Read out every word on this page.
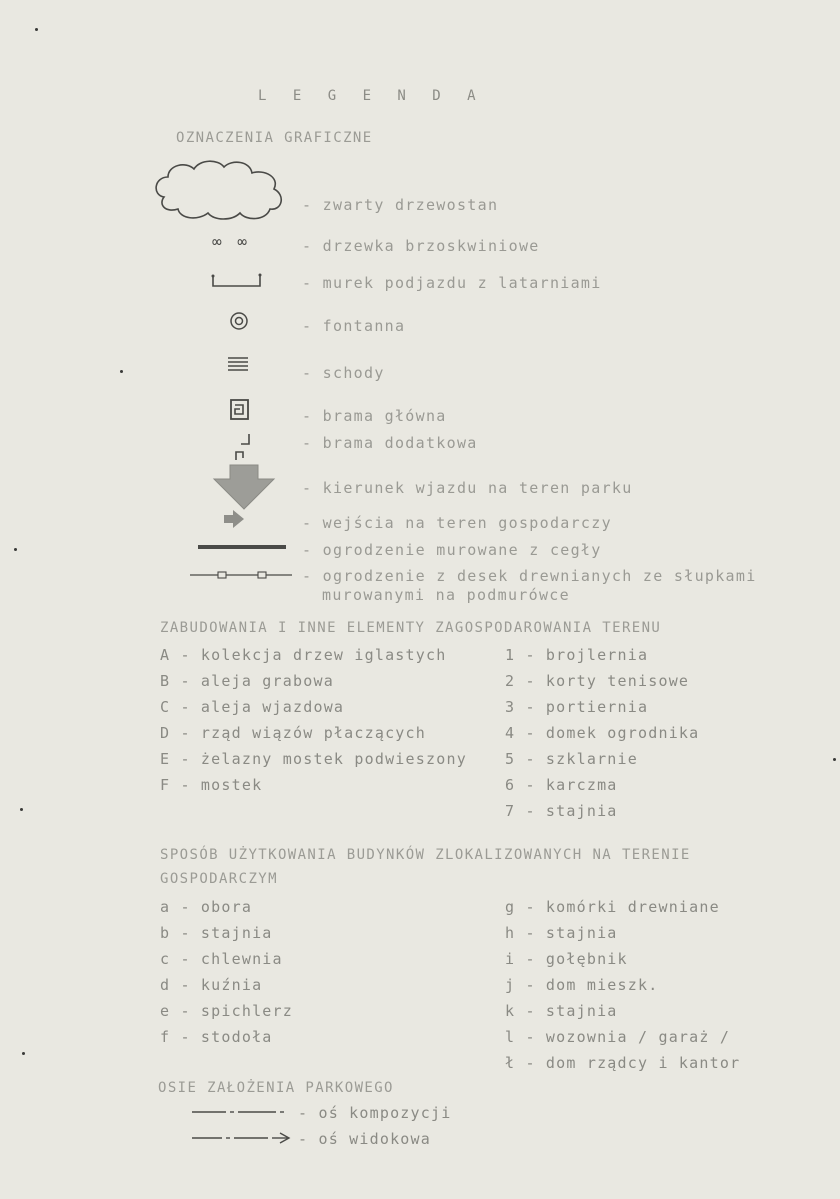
L E G E N D A
OZNACZENIA GRAFICZNE
- zwarty drzewostan
∞ ∞	- drzewka brzoskwiniowe
- murek podjazdu z latarniami
- fontanna
- schody
- brama główna
- brama dodatkowa
- kierunek wjazdu na teren parku
- wejścia na teren gospodarczy
- ogrodzenie murowane z cegły
- ogrodzenie z desek drewnianych ze słupkami
murowanymi na podmurówce
ZABUDOWANIA I INNE ELEMENTY ZAGOSPODAROWANIA TERENU
A - kolekcja drzew iglastych
B - aleja grabowa
C - aleja wjazdowa
D - rząd wiązów płaczących
E - żelazny mostek podwieszony
F - mostek
1 - brojlernia
2 - korty tenisowe
3 - portiernia
4 - domek ogrodnika
5 - szklarnie
6 - karczma
7 - stajnia
SPOSÓB UŻYTKOWANIA BUDYNKÓW ZLOKALIZOWANYCH NA TERENIE
GOSPODARCZYM
a - obora
b - stajnia
c - chlewnia
d - kuźnia
e - spichlerz
f - stodoła
g - komórki drewniane
h - stajnia
i - gołębnik
j - dom mieszk.
k - stajnia
l - wozownia / garaż /
ł - dom rządcy i kantor
OSIE ZAŁOŻENIA PARKOWEGO
- oś kompozycji
- oś widokowa
